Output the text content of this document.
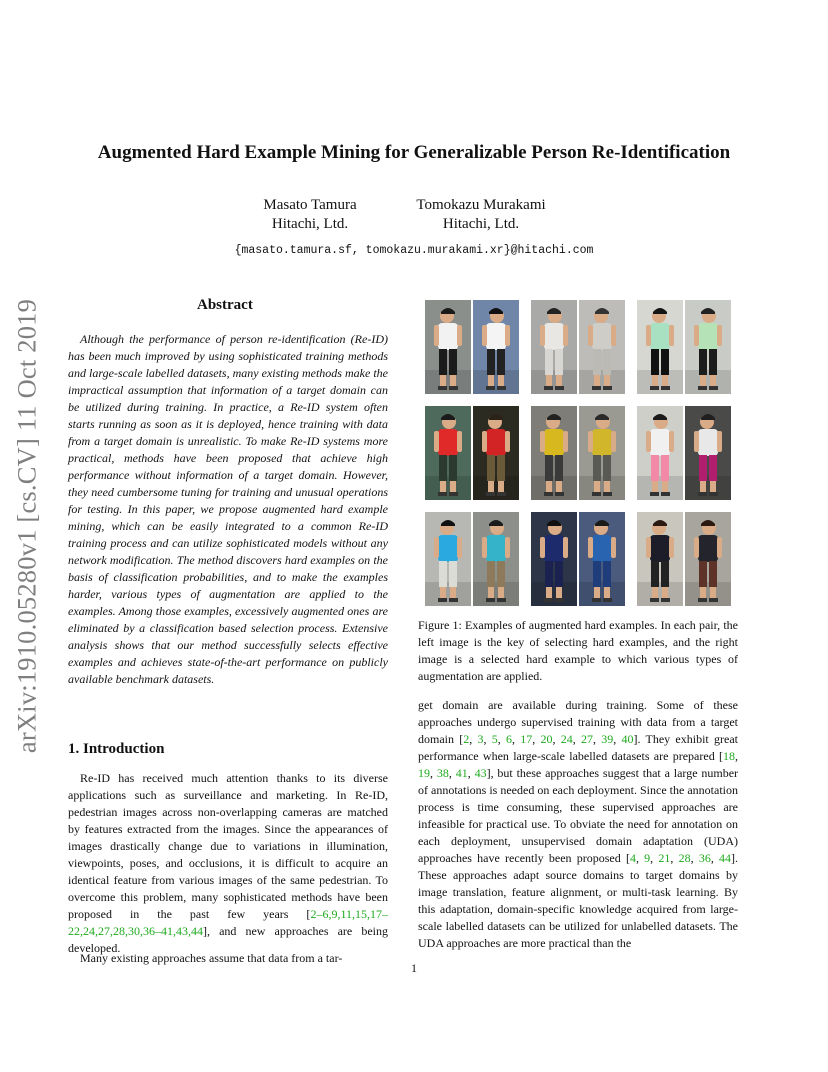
Augmented Hard Example Mining for Generalizable Person Re-Identification
Masato Tamura
Hitachi, Ltd.
Tomokazu Murakami
Hitachi, Ltd.
{masato.tamura.sf, tomokazu.murakami.xr}@hitachi.com
arXiv:1910.05280v1 [cs.CV] 11 Oct 2019	Abstract
Although the performance of person re-identification (Re-ID) has been much improved by using sophisticated training methods and large-scale labelled datasets, many existing methods make the impractical assumption that information of a target domain can be utilized during training. In practice, a Re-ID system often starts running as soon as it is deployed, hence training with data from a target domain is unrealistic. To make Re-ID systems more practical, methods have been proposed that achieve high performance without information of a target domain. However, they need cumbersome tuning for training and unusual operations for testing. In this paper, we propose augmented hard example mining, which can be easily integrated to a common Re-ID training process and can utilize sophisticated models without any network modification. The method discovers hard examples on the basis of classification probabilities, and to make the examples harder, various types of augmentation are applied to the examples. Among those examples, excessively augmented ones are eliminated by a classification based selection process. Extensive analysis shows that our method successfully selects effective examples and achieves state-of-the-art performance on publicly available benchmark datasets.
1. Introduction
Re-ID has received much attention thanks to its diverse applications such as surveillance and marketing. In Re-ID, pedestrian images across non-overlapping cameras are matched by features extracted from the images. Since the appearances of images drastically change due to variations in illumination, viewpoints, poses, and occlusions, it is difficult to acquire an identical feature from various images of the same pedestrian. To overcome this problem, many sophisticated methods have been proposed in the past few years [2–6,9,11,15,17–22,24,27,28,30,36–41,43,44], and new approaches are being developed.
Many existing approaches assume that data from a tar-
Figure 1: Examples of augmented hard examples. In each pair, the left image is the key of selecting hard examples, and the right image is a selected hard example to which various types of augmentation are applied.
get domain are available during training. Some of these approaches undergo supervised training with data from a target domain [2, 3, 5, 6, 17, 20, 24, 27, 39, 40]. They exhibit great performance when large-scale labelled datasets are prepared [18, 19, 38, 41, 43], but these approaches suggest that a large number of annotations is needed on each deployment. Since the annotation process is time consuming, these supervised approaches are infeasible for practical use. To obviate the need for annotation on each deployment, unsupervised domain adaptation (UDA) approaches have recently been proposed [4, 9, 21, 28, 36, 44]. These approaches adapt source domains to target domains by image translation, feature alignment, or multi-task learning. By this adaptation, domain-specific knowledge acquired from large-scale labelled datasets can be utilized for unlabelled datasets. The UDA approaches are more practical than the
1
